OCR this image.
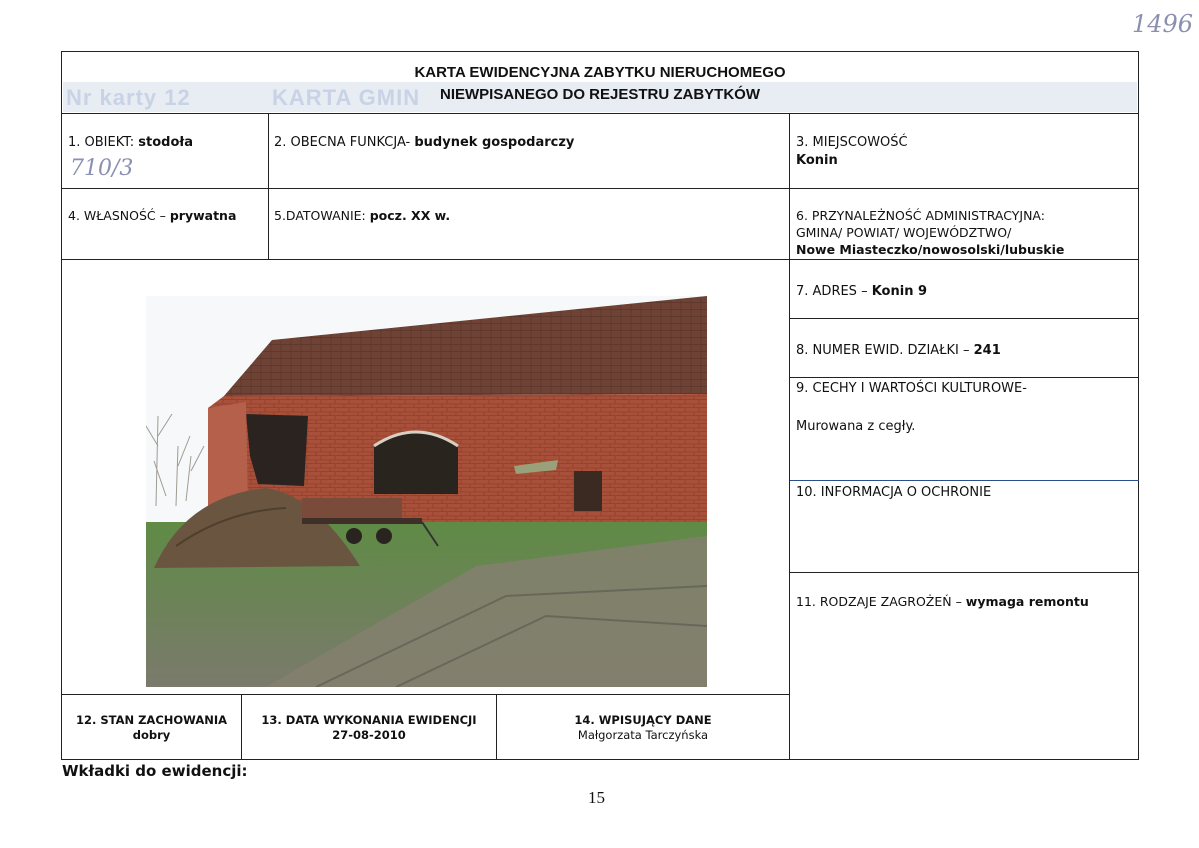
1496
Nr karty 12	KARTA GMIN
KARTA EWIDENCYJNA ZABYTKU NIERUCHOMEGO
NIEWPISANEGO DO REJESTRU ZABYTKÓW
1. OBIEKT: stodoła
710/3
2. OBECNA FUNKCJA- budynek gospodarczy	3. MIEJSCOWOŚĆ
Konin
4. WŁASNOŚĆ – prywatna	5.DATOWANIE: pocz. XX w.	6. PRZYNALEŻNOŚĆ ADMINISTRACYJNA:
GMINA/ POWIAT/ WOJEWÓDZTWO/
Nowe Miasteczko/nowosolski/lubuskie
7. ADRES – Konin 9
8. NUMER EWID. DZIAŁKI – 241
9. CECHY I WARTOŚCI KULTUROWE-
Murowana z cegły.
10. INFORMACJA O OCHRONIE
11. RODZAJE ZAGROŻEŃ – wymaga remontu
12. STAN ZACHOWANIA
dobry
13. DATA WYKONANIA EWIDENCJI
27-08-2010
14. WPISUJĄCY DANE
Małgorzata Tarczyńska
Wkładki do ewidencji:
15
